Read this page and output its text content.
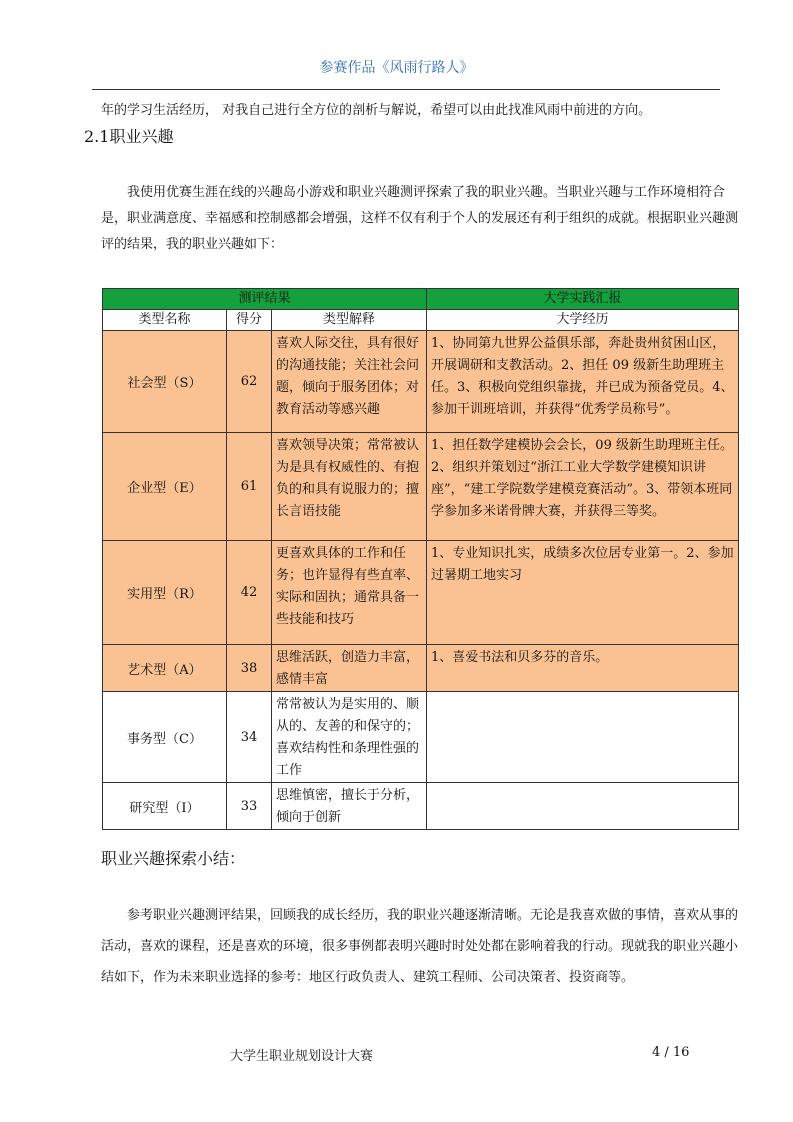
参赛作品《风雨行路人》
年的学习生活经历， 对我自己进行全方位的剖析与解说，希望可以由此找准风雨中前进的方向。
2.1职业兴趣
我使用优赛生涯在线的兴趣岛小游戏和职业兴趣测评探索了我的职业兴趣。当职业兴趣与工作环境相符合是，职业满意度、幸福感和控制感都会增强，这样不仅有利于个人的发展还有利于组织的成就。根据职业兴趣测评的结果，我的职业兴趣如下：
测评结果			大学实践汇报
类型名称	得分	类型解释	大学经历
社会型（S）	62	喜欢人际交往，具有很好的沟通技能；关注社会问题，倾向于服务团体；对教育活动等感兴趣	1、协同第九世界公益俱乐部，奔赴贵州贫困山区，开展调研和支教活动。2、担任 09 级新生助理班主任。3、积极向党组织靠拢，并已成为预备党员。4、参加干训班培训，并获得“优秀学员称号”。
企业型（E）	61	喜欢领导决策；常常被认为是具有权威性的、有抱负的和具有说服力的；擅长言语技能	1、担任数学建模协会会长，09 级新生助理班主任。2、组织并策划过“浙江工业大学数学建模知识讲座”，“建工学院数学建模竞赛活动”。3、带领本班同学参加多米诺骨牌大赛，并获得三等奖。
实用型（R）	42	更喜欢具体的工作和任务；也许显得有些直率、实际和固执；通常具备一些技能和技巧	1、专业知识扎实，成绩多次位居专业第一。2、参加过暑期工地实习
艺术型（A）	38	思维活跃，创造力丰富，感情丰富	1、喜爱书法和贝多芬的音乐。
事务型（C）	34	常常被认为是实用的、顺从的、友善的和保守的；喜欢结构性和条理性强的工作	
研究型（I）	33	思维慎密，擅长于分析，倾向于创新	
职业兴趣探索小结：
参考职业兴趣测评结果，回顾我的成长经历，我的职业兴趣逐渐清晰。无论是我喜欢做的事情，喜欢从事的活动，喜欢的课程，还是喜欢的环境，很多事例都表明兴趣时时处处都在影响着我的行动。现就我的职业兴趣小结如下，作为未来职业选择的参考：地区行政负责人、建筑工程师、公司决策者、投资商等。
大学生职业规划设计大赛	4 / 16
